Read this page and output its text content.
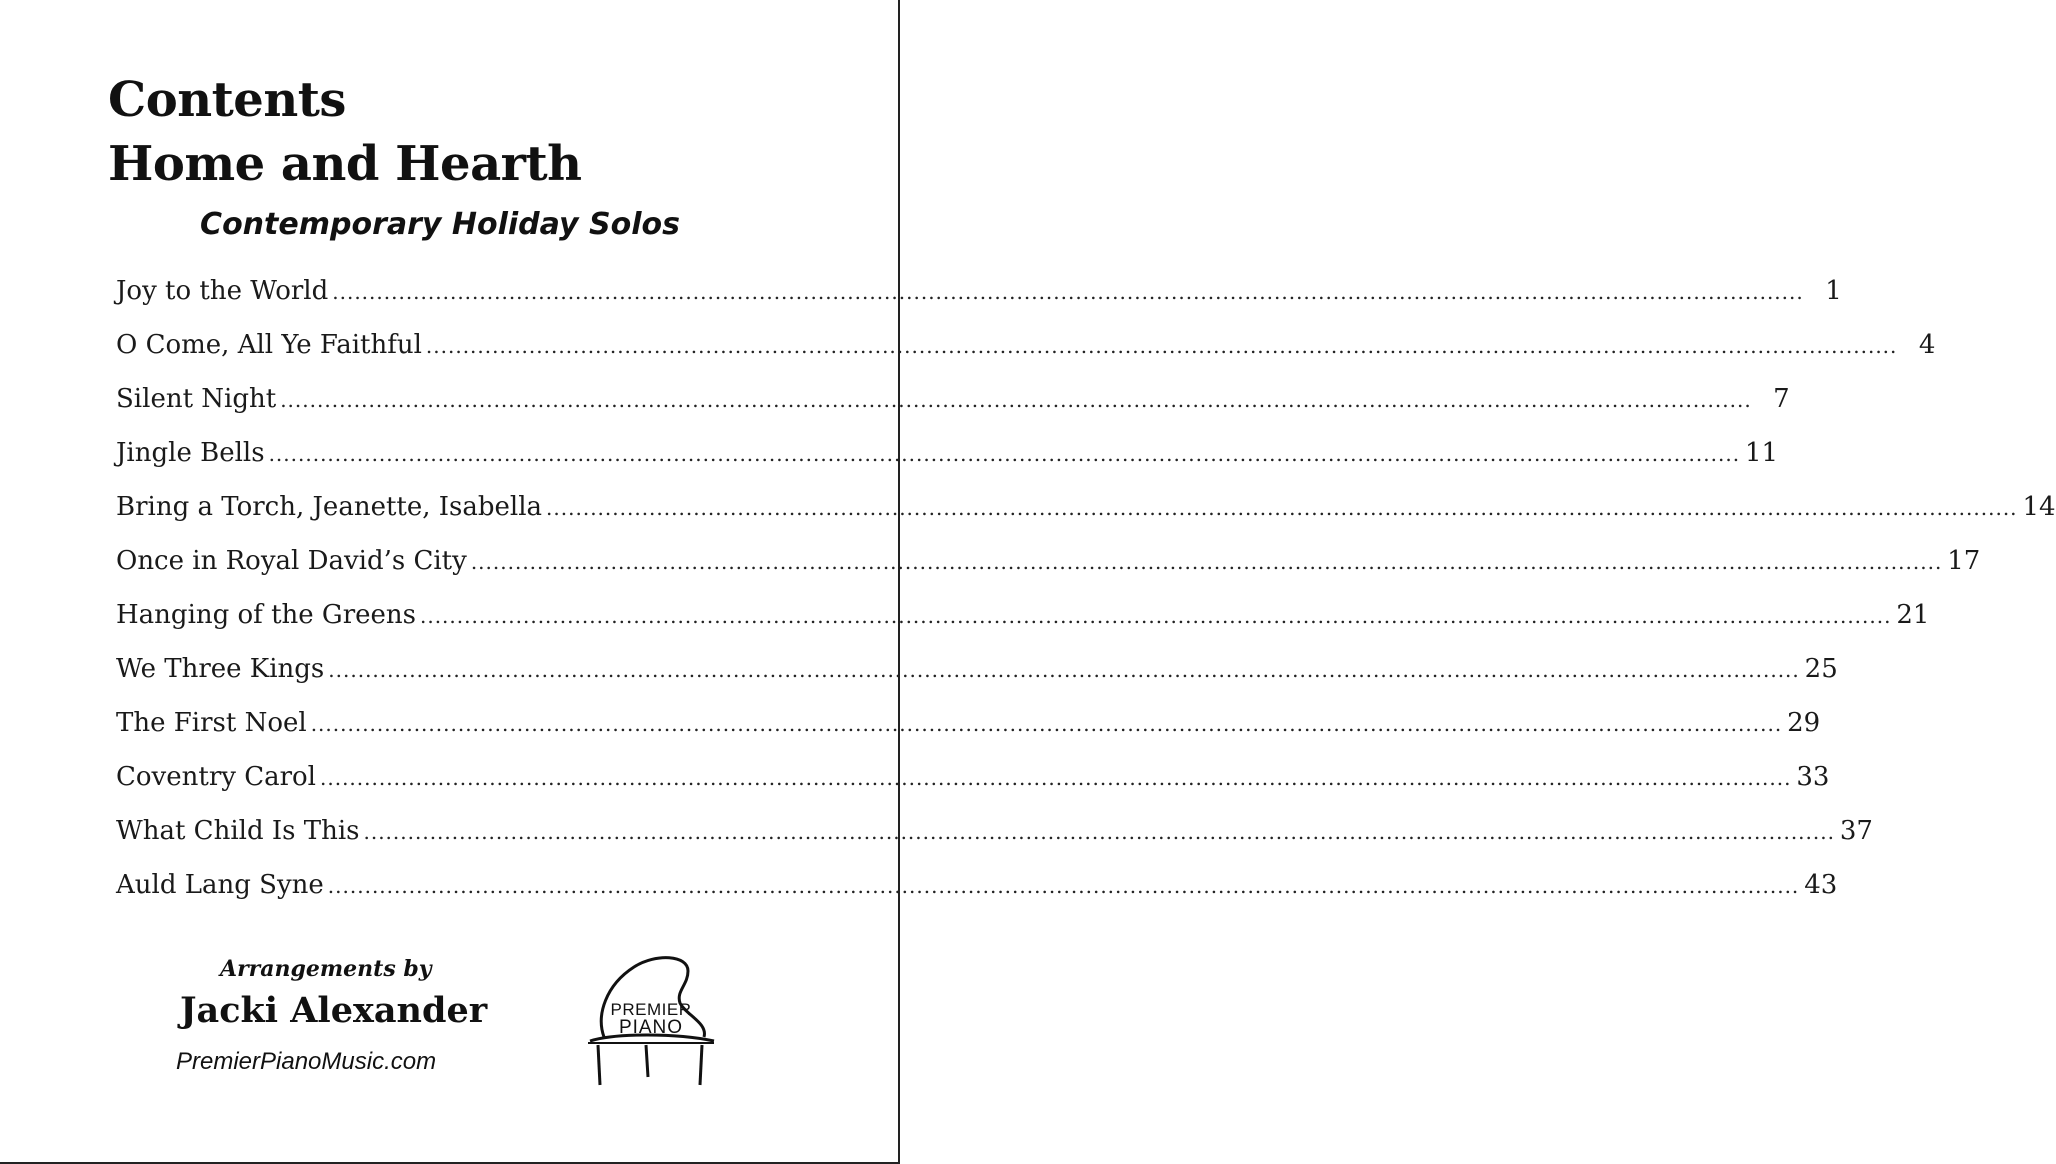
Contents
Home and Hearth
Contemporary Holiday Solos
Joy to the World ........................................................................................................................................................................................................ 1
O Come, All Ye Faithful ........................................................................................................................................................................................................ 4
Silent Night ........................................................................................................................................................................................................ 7
Jingle Bells ........................................................................................................................................................................................................ 11
Bring a Torch, Jeanette, Isabella ........................................................................................................................................................................................................ 14
Once in Royal David’s City ........................................................................................................................................................................................................ 17
Hanging of the Greens ........................................................................................................................................................................................................ 21
We Three Kings ........................................................................................................................................................................................................ 25
The First Noel ........................................................................................................................................................................................................ 29
Coventry Carol ........................................................................................................................................................................................................ 33
What Child Is This ........................................................................................................................................................................................................ 37
Auld Lang Syne ........................................................................................................................................................................................................ 43
Arrangements by
Jacki Alexander
PremierPianoMusic.com
PREMIER
PIANO
